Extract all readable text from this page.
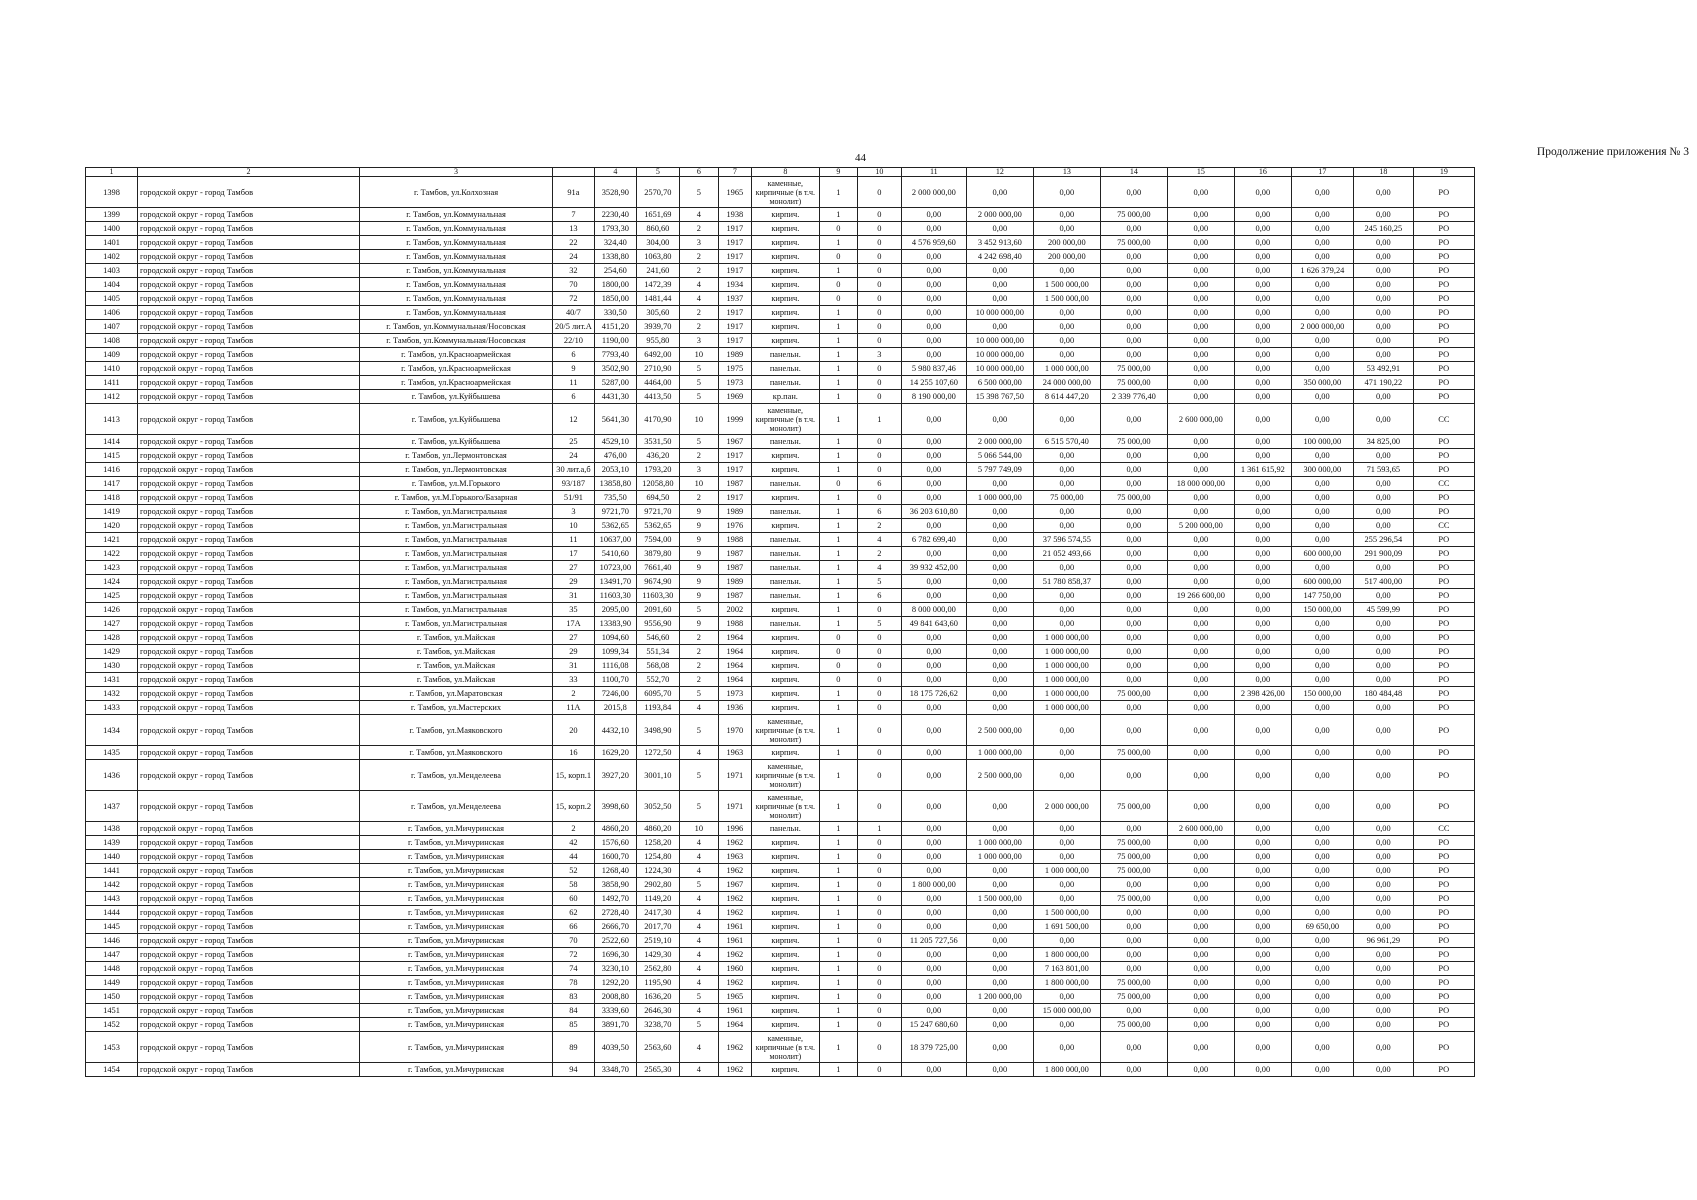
44	Продолжение приложения № 3
1	2	3		4	5	6	7	8	9	10	11	12	13	14	15	16	17	18	19
1398	городской округ - город Тамбов	г. Тамбов, ул.Колхозная	91а	3528,90	2570,70	5	1965	каменные, кирпичные (в т.ч. монолит)	1	0	2 000 000,00	0,00	0,00	0,00	0,00	0,00	0,00	0,00	РО
1399	городской округ - город Тамбов	г. Тамбов, ул.Коммунальная	7	2230,40	1651,69	4	1938	кирпич.	1	0	0,00	2 000 000,00	0,00	75 000,00	0,00	0,00	0,00	0,00	РО
1400	городской округ - город Тамбов	г. Тамбов, ул.Коммунальная	13	1793,30	860,60	2	1917	кирпич.	0	0	0,00	0,00	0,00	0,00	0,00	0,00	0,00	245 160,25	РО
1401	городской округ - город Тамбов	г. Тамбов, ул.Коммунальная	22	324,40	304,00	3	1917	кирпич.	1	0	4 576 959,60	3 452 913,60	200 000,00	75 000,00	0,00	0,00	0,00	0,00	РО
1402	городской округ - город Тамбов	г. Тамбов, ул.Коммунальная	24	1338,80	1063,80	2	1917	кирпич.	0	0	0,00	4 242 698,40	200 000,00	0,00	0,00	0,00	0,00	0,00	РО
1403	городской округ - город Тамбов	г. Тамбов, ул.Коммунальная	32	254,60	241,60	2	1917	кирпич.	1	0	0,00	0,00	0,00	0,00	0,00	0,00	1 626 379,24	0,00	РО
1404	городской округ - город Тамбов	г. Тамбов, ул.Коммунальная	70	1800,00	1472,39	4	1934	кирпич.	0	0	0,00	0,00	1 500 000,00	0,00	0,00	0,00	0,00	0,00	РО
1405	городской округ - город Тамбов	г. Тамбов, ул.Коммунальная	72	1850,00	1481,44	4	1937	кирпич.	0	0	0,00	0,00	1 500 000,00	0,00	0,00	0,00	0,00	0,00	РО
1406	городской округ - город Тамбов	г. Тамбов, ул.Коммунальная	40/7	330,50	305,60	2	1917	кирпич.	1	0	0,00	10 000 000,00	0,00	0,00	0,00	0,00	0,00	0,00	РО
1407	городской округ - город Тамбов	г. Тамбов, ул.Коммунальная/Носовская	20/5 лит.А	4151,20	3939,70	2	1917	кирпич.	1	0	0,00	0,00	0,00	0,00	0,00	0,00	2 000 000,00	0,00	РО
1408	городской округ - город Тамбов	г. Тамбов, ул.Коммунальная/Носовская	22/10	1190,00	955,80	3	1917	кирпич.	1	0	0,00	10 000 000,00	0,00	0,00	0,00	0,00	0,00	0,00	РО
1409	городской округ - город Тамбов	г. Тамбов, ул.Красноармейская	6	7793,40	6492,00	10	1989	панельн.	1	3	0,00	10 000 000,00	0,00	0,00	0,00	0,00	0,00	0,00	РО
1410	городской округ - город Тамбов	г. Тамбов, ул.Красноармейская	9	3502,90	2710,90	5	1975	панельн.	1	0	5 980 837,46	10 000 000,00	1 000 000,00	75 000,00	0,00	0,00	0,00	53 492,91	РО
1411	городской округ - город Тамбов	г. Тамбов, ул.Красноармейская	11	5287,00	4464,00	5	1973	панельн.	1	0	14 255 107,60	6 500 000,00	24 000 000,00	75 000,00	0,00	0,00	350 000,00	471 190,22	РО
1412	городской округ - город Тамбов	г. Тамбов, ул.Куйбышева	6	4431,30	4413,50	5	1969	кр.пан.	1	0	8 190 000,00	15 398 767,50	8 614 447,20	2 339 776,40	0,00	0,00	0,00	0,00	РО
1413	городской округ - город Тамбов	г. Тамбов, ул.Куйбышева	12	5641,30	4170,90	10	1999	каменные, кирпичные (в т.ч. монолит)	1	1	0,00	0,00	0,00	0,00	2 600 000,00	0,00	0,00	0,00	СС
1414	городской округ - город Тамбов	г. Тамбов, ул.Куйбышева	25	4529,10	3531,50	5	1967	панельн.	1	0	0,00	2 000 000,00	6 515 570,40	75 000,00	0,00	0,00	100 000,00	34 825,00	РО
1415	городской округ - город Тамбов	г. Тамбов, ул.Лермонтовская	24	476,00	436,20	2	1917	кирпич.	1	0	0,00	5 066 544,00	0,00	0,00	0,00	0,00	0,00	0,00	РО
1416	городской округ - город Тамбов	г. Тамбов, ул.Лермонтовская	30 лит.а,б	2053,10	1793,20	3	1917	кирпич.	1	0	0,00	5 797 749,09	0,00	0,00	0,00	1 361 615,92	300 000,00	71 593,65	РО
1417	городской округ - город Тамбов	г. Тамбов, ул.М.Горького	93/187	13858,80	12058,80	10	1987	панельн.	0	6	0,00	0,00	0,00	0,00	18 000 000,00	0,00	0,00	0,00	СС
1418	городской округ - город Тамбов	г. Тамбов, ул.М.Горького/Базарная	51/91	735,50	694,50	2	1917	кирпич.	1	0	0,00	1 000 000,00	75 000,00	75 000,00	0,00	0,00	0,00	0,00	РО
1419	городской округ - город Тамбов	г. Тамбов, ул.Магистральная	3	9721,70	9721,70	9	1989	панельн.	1	6	36 203 610,80	0,00	0,00	0,00	0,00	0,00	0,00	0,00	РО
1420	городской округ - город Тамбов	г. Тамбов, ул.Магистральная	10	5362,65	5362,65	9	1976	кирпич.	1	2	0,00	0,00	0,00	0,00	5 200 000,00	0,00	0,00	0,00	СС
1421	городской округ - город Тамбов	г. Тамбов, ул.Магистральная	11	10637,00	7594,00	9	1988	панельн.	1	4	6 782 699,40	0,00	37 596 574,55	0,00	0,00	0,00	0,00	255 296,54	РО
1422	городской округ - город Тамбов	г. Тамбов, ул.Магистральная	17	5410,60	3879,80	9	1987	панельн.	1	2	0,00	0,00	21 052 493,66	0,00	0,00	0,00	600 000,00	291 900,09	РО
1423	городской округ - город Тамбов	г. Тамбов, ул.Магистральная	27	10723,00	7661,40	9	1987	панельн.	1	4	39 932 452,00	0,00	0,00	0,00	0,00	0,00	0,00	0,00	РО
1424	городской округ - город Тамбов	г. Тамбов, ул.Магистральная	29	13491,70	9674,90	9	1989	панельн.	1	5	0,00	0,00	51 780 858,37	0,00	0,00	0,00	600 000,00	517 400,00	РО
1425	городской округ - город Тамбов	г. Тамбов, ул.Магистральная	31	11603,30	11603,30	9	1987	панельн.	1	6	0,00	0,00	0,00	0,00	19 266 600,00	0,00	147 750,00	0,00	РО
1426	городской округ - город Тамбов	г. Тамбов, ул.Магистральная	35	2095,00	2091,60	5	2002	кирпич.	1	0	8 000 000,00	0,00	0,00	0,00	0,00	0,00	150 000,00	45 599,99	РО
1427	городской округ - город Тамбов	г. Тамбов, ул.Магистральная	17А	13383,90	9556,90	9	1988	панельн.	1	5	49 841 643,60	0,00	0,00	0,00	0,00	0,00	0,00	0,00	РО
1428	городской округ - город Тамбов	г. Тамбов, ул.Майская	27	1094,60	546,60	2	1964	кирпич.	0	0	0,00	0,00	1 000 000,00	0,00	0,00	0,00	0,00	0,00	РО
1429	городской округ - город Тамбов	г. Тамбов, ул.Майская	29	1099,34	551,34	2	1964	кирпич.	0	0	0,00	0,00	1 000 000,00	0,00	0,00	0,00	0,00	0,00	РО
1430	городской округ - город Тамбов	г. Тамбов, ул.Майская	31	1116,08	568,08	2	1964	кирпич.	0	0	0,00	0,00	1 000 000,00	0,00	0,00	0,00	0,00	0,00	РО
1431	городской округ - город Тамбов	г. Тамбов, ул.Майская	33	1100,70	552,70	2	1964	кирпич.	0	0	0,00	0,00	1 000 000,00	0,00	0,00	0,00	0,00	0,00	РО
1432	городской округ - город Тамбов	г. Тамбов, ул.Маратовская	2	7246,00	6095,70	5	1973	кирпич.	1	0	18 175 726,62	0,00	1 000 000,00	75 000,00	0,00	2 398 426,00	150 000,00	180 484,48	РО
1433	городской округ - город Тамбов	г. Тамбов, ул.Мастерских	11А	2015,8	1193,84	4	1936	кирпич.	1	0	0,00	0,00	1 000 000,00	0,00	0,00	0,00	0,00	0,00	РО
1434	городской округ - город Тамбов	г. Тамбов, ул.Маяковского	20	4432,10	3498,90	5	1970	каменные, кирпичные (в т.ч. монолит)	1	0	0,00	2 500 000,00	0,00	0,00	0,00	0,00	0,00	0,00	РО
1435	городской округ - город Тамбов	г. Тамбов, ул.Маяковского	16	1629,20	1272,50	4	1963	кирпич.	1	0	0,00	1 000 000,00	0,00	75 000,00	0,00	0,00	0,00	0,00	РО
1436	городской округ - город Тамбов	г. Тамбов, ул.Менделеева	15, корп.1	3927,20	3001,10	5	1971	каменные, кирпичные (в т.ч. монолит)	1	0	0,00	2 500 000,00	0,00	0,00	0,00	0,00	0,00	0,00	РО
1437	городской округ - город Тамбов	г. Тамбов, ул.Менделеева	15, корп.2	3998,60	3052,50	5	1971	каменные, кирпичные (в т.ч. монолит)	1	0	0,00	0,00	2 000 000,00	75 000,00	0,00	0,00	0,00	0,00	РО
1438	городской округ - город Тамбов	г. Тамбов, ул.Мичуринская	2	4860,20	4860,20	10	1996	панельн.	1	1	0,00	0,00	0,00	0,00	2 600 000,00	0,00	0,00	0,00	СС
1439	городской округ - город Тамбов	г. Тамбов, ул.Мичуринская	42	1576,60	1258,20	4	1962	кирпич.	1	0	0,00	1 000 000,00	0,00	75 000,00	0,00	0,00	0,00	0,00	РО
1440	городской округ - город Тамбов	г. Тамбов, ул.Мичуринская	44	1600,70	1254,80	4	1963	кирпич.	1	0	0,00	1 000 000,00	0,00	75 000,00	0,00	0,00	0,00	0,00	РО
1441	городской округ - город Тамбов	г. Тамбов, ул.Мичуринская	52	1268,40	1224,30	4	1962	кирпич.	1	0	0,00	0,00	1 000 000,00	75 000,00	0,00	0,00	0,00	0,00	РО
1442	городской округ - город Тамбов	г. Тамбов, ул.Мичуринская	58	3858,90	2902,80	5	1967	кирпич.	1	0	1 800 000,00	0,00	0,00	0,00	0,00	0,00	0,00	0,00	РО
1443	городской округ - город Тамбов	г. Тамбов, ул.Мичуринская	60	1492,70	1149,20	4	1962	кирпич.	1	0	0,00	1 500 000,00	0,00	75 000,00	0,00	0,00	0,00	0,00	РО
1444	городской округ - город Тамбов	г. Тамбов, ул.Мичуринская	62	2728,40	2417,30	4	1962	кирпич.	1	0	0,00	0,00	1 500 000,00	0,00	0,00	0,00	0,00	0,00	РО
1445	городской округ - город Тамбов	г. Тамбов, ул.Мичуринская	66	2666,70	2017,70	4	1961	кирпич.	1	0	0,00	0,00	1 691 500,00	0,00	0,00	0,00	69 650,00	0,00	РО
1446	городской округ - город Тамбов	г. Тамбов, ул.Мичуринская	70	2522,60	2519,10	4	1961	кирпич.	1	0	11 205 727,56	0,00	0,00	0,00	0,00	0,00	0,00	96 961,29	РО
1447	городской округ - город Тамбов	г. Тамбов, ул.Мичуринская	72	1696,30	1429,30	4	1962	кирпич.	1	0	0,00	0,00	1 800 000,00	0,00	0,00	0,00	0,00	0,00	РО
1448	городской округ - город Тамбов	г. Тамбов, ул.Мичуринская	74	3230,10	2562,80	4	1960	кирпич.	1	0	0,00	0,00	7 163 801,00	0,00	0,00	0,00	0,00	0,00	РО
1449	городской округ - город Тамбов	г. Тамбов, ул.Мичуринская	78	1292,20	1195,90	4	1962	кирпич.	1	0	0,00	0,00	1 800 000,00	75 000,00	0,00	0,00	0,00	0,00	РО
1450	городской округ - город Тамбов	г. Тамбов, ул.Мичуринская	83	2008,80	1636,20	5	1965	кирпич.	1	0	0,00	1 200 000,00	0,00	75 000,00	0,00	0,00	0,00	0,00	РО
1451	городской округ - город Тамбов	г. Тамбов, ул.Мичуринская	84	3339,60	2646,30	4	1961	кирпич.	1	0	0,00	0,00	15 000 000,00	0,00	0,00	0,00	0,00	0,00	РО
1452	городской округ - город Тамбов	г. Тамбов, ул.Мичуринская	85	3891,70	3238,70	5	1964	кирпич.	1	0	15 247 680,60	0,00	0,00	75 000,00	0,00	0,00	0,00	0,00	РО
1453	городской округ - город Тамбов	г. Тамбов, ул.Мичуринская	89	4039,50	2563,60	4	1962	каменные, кирпичные (в т.ч. монолит)	1	0	18 379 725,00	0,00	0,00	0,00	0,00	0,00	0,00	0,00	РО
1454	городской округ - город Тамбов	г. Тамбов, ул.Мичуринская	94	3348,70	2565,30	4	1962	кирпич.	1	0	0,00	0,00	1 800 000,00	0,00	0,00	0,00	0,00	0,00	РО
